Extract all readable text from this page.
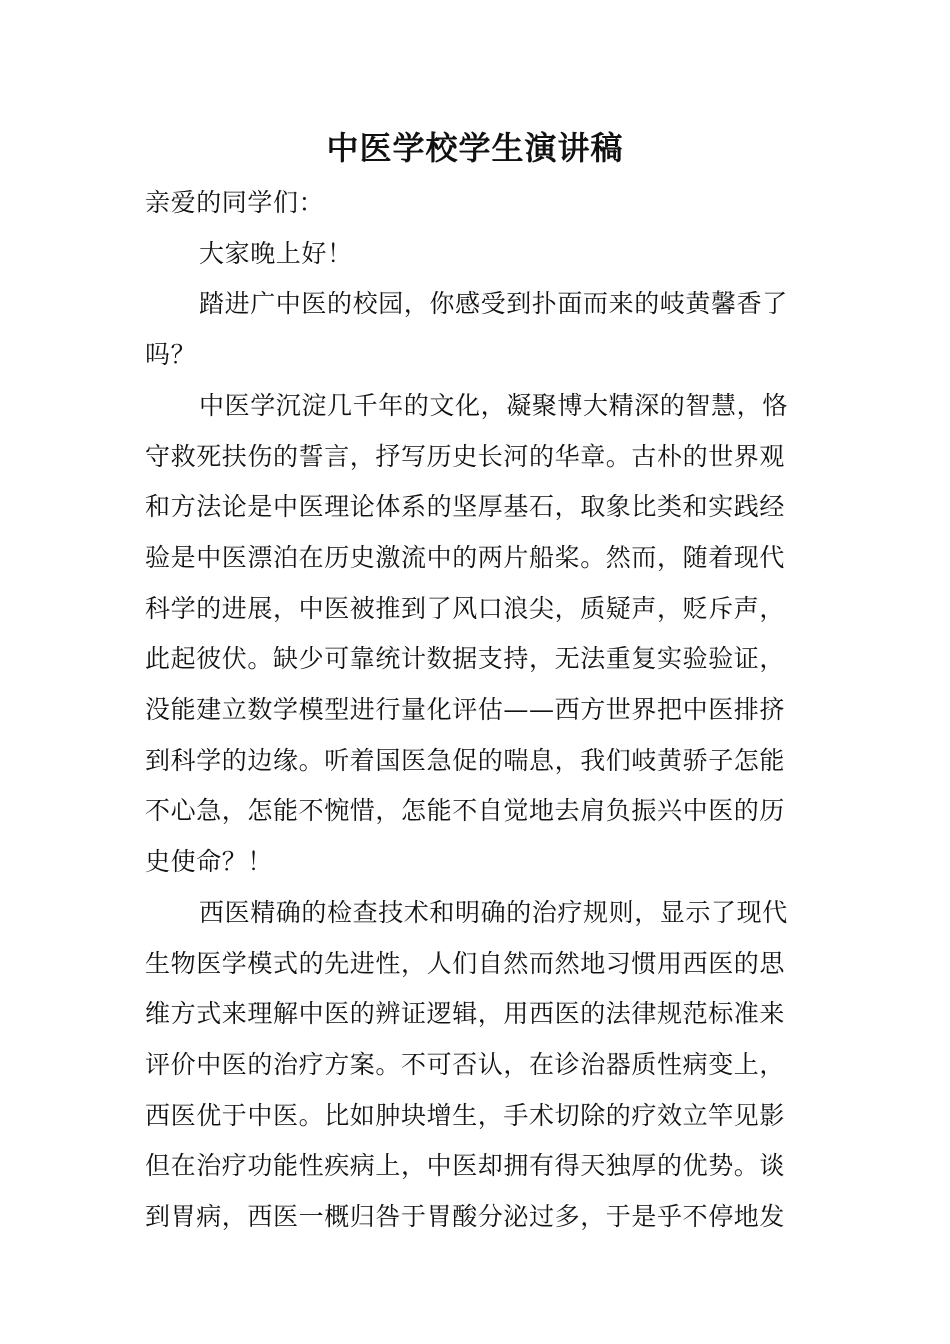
中医学校学生演讲稿
亲爱的同学们：
大家晚上好！
踏进广中医的校园，你感受到扑面而来的岐黄馨香了
吗？
中医学沉淀几千年的文化，凝聚博大精深的智慧，恪
守救死扶伤的誓言，抒写历史长河的华章。古朴的世界观
和方法论是中医理论体系的坚厚基石，取象比类和实践经
验是中医漂泊在历史激流中的两片船桨。然而，随着现代
科学的进展，中医被推到了风口浪尖，质疑声，贬斥声，
此起彼伏。缺少可靠统计数据支持，无法重复实验验证，
没能建立数学模型进行量化评估——西方世界把中医排挤
到科学的边缘。听着国医急促的喘息，我们岐黄骄子怎能
不心急，怎能不惋惜，怎能不自觉地去肩负振兴中医的历
史使命？！
西医精确的检查技术和明确的治疗规则，显示了现代
生物医学模式的先进性，人们自然而然地习惯用西医的思
维方式来理解中医的辨证逻辑，用西医的法律规范标准来
评价中医的治疗方案。不可否认，在诊治器质性病变上，
西医优于中医。比如肿块增生，手术切除的疗效立竿见影
但在治疗功能性疾病上，中医却拥有得天独厚的优势。谈
到胃病，西医一概归咎于胃酸分泌过多，于是乎不停地发
